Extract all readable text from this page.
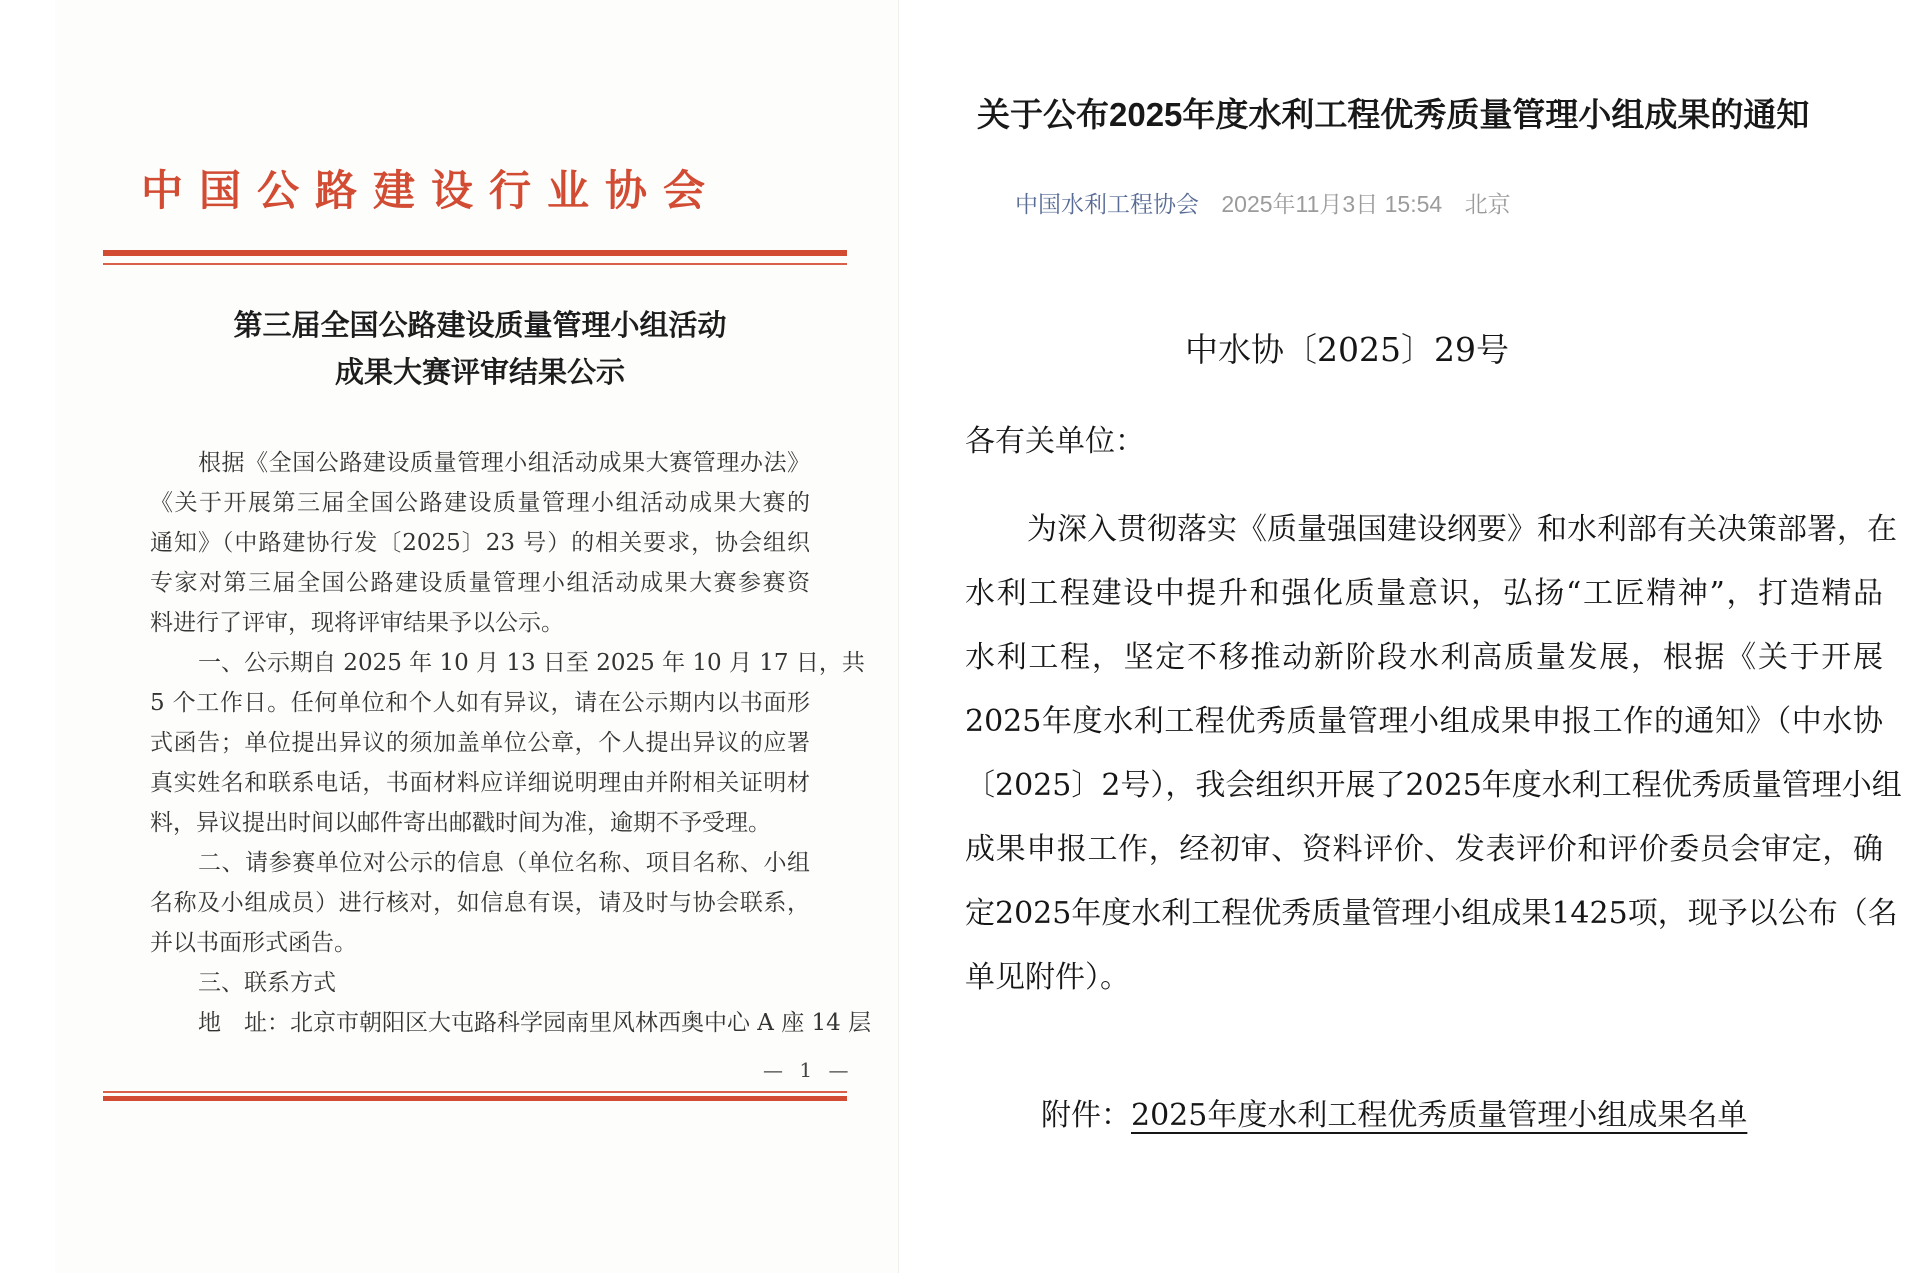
中国公路建设行业协会
第三届全国公路建设质量管理小组活动
成果大赛评审结果公示
根据《全国公路建设质量管理小组活动成果大赛管理办法》
《关于开展第三届全国公路建设质量管理小组活动成果大赛的
通知》（中路建协行发〔2025〕23 号）的相关要求，协会组织
专家对第三届全国公路建设质量管理小组活动成果大赛参赛资
料进行了评审，现将评审结果予以公示。
一、公示期自 2025 年 10 月 13 日至 2025 年 10 月 17 日，共
5 个工作日。任何单位和个人如有异议，请在公示期内以书面形
式函告；单位提出异议的须加盖单位公章，个人提出异议的应署
真实姓名和联系电话，书面材料应详细说明理由并附相关证明材
料，异议提出时间以邮件寄出邮戳时间为准，逾期不予受理。
二、请参赛单位对公示的信息（单位名称、项目名称、小组
名称及小组成员）进行核对，如信息有误，请及时与协会联系，
并以书面形式函告。
三、联系方式
地　址：北京市朝阳区大屯路科学园南里风林西奥中心 A 座 14 层
— 1 —
关于公布2025年度水利工程优秀质量管理小组成果的通知
中国水利工程协会 2025年11月3日 15:54 北京
中水协〔2025〕29号
各有关单位：
为深入贯彻落实《质量强国建设纲要》和水利部有关决策部署，在
水利工程建设中提升和强化质量意识，弘扬“工匠精神”，打造精品
水利工程，坚定不移推动新阶段水利高质量发展，根据《关于开展
2025年度水利工程优秀质量管理小组成果申报工作的通知》（中水协
〔2025〕2号），我会组织开展了2025年度水利工程优秀质量管理小组
成果申报工作，经初审、资料评价、发表评价和评价委员会审定，确
定2025年度水利工程优秀质量管理小组成果1425项，现予以公布（名
单见附件）。
附件：2025年度水利工程优秀质量管理小组成果名单
